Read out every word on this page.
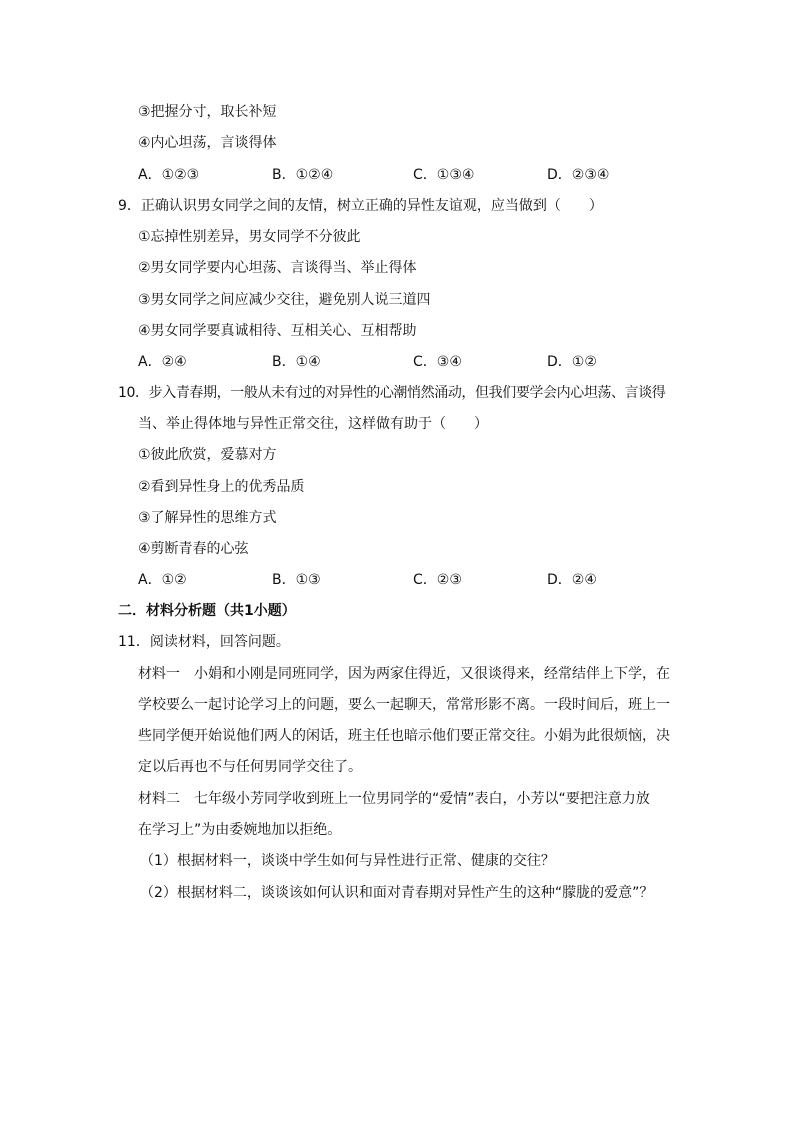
③把握分寸，取长补短
④内心坦荡，言谈得体
A．①②③	B．①②④	C．①③④	D．②③④
9．正确认识男女同学之间的友情，树立正确的异性友谊观，应当做到（　　）
①忘掉性别差异，男女同学不分彼此
②男女同学要内心坦荡、言谈得当、举止得体
③男女同学之间应减少交往，避免别人说三道四
④男女同学要真诚相待、互相关心、互相帮助
A．②④	B．①④	C．③④	D．①②
10．步入青春期，一般从未有过的对异性的心潮悄然涌动，但我们要学会内心坦荡、言谈得
当、举止得体地与异性正常交往，这样做有助于（　　）
①彼此欣赏，爱慕对方
②看到异性身上的优秀品质
③了解异性的思维方式
④剪断青春的心弦
A．①②	B．①③	C．②③	D．②④
二．材料分析题（共1小题）
11．阅读材料，回答问题。
材料一　小娟和小刚是同班同学，因为两家住得近，又很谈得来，经常结伴上下学，在
学校要么一起讨论学习上的问题，要么一起聊天，常常形影不离。一段时间后，班上一
些同学便开始说他们两人的闲话，班主任也暗示他们要正常交往。小娟为此很烦恼，决
定以后再也不与任何男同学交往了。
材料二　七年级小芳同学收到班上一位男同学的“爱情”表白，小芳以“要把注意力放
在学习上”为由委婉地加以拒绝。
（1）根据材料一，谈谈中学生如何与异性进行正常、健康的交往？
（2）根据材料二，谈谈该如何认识和面对青春期对异性产生的这种“朦胧的爱意”？
